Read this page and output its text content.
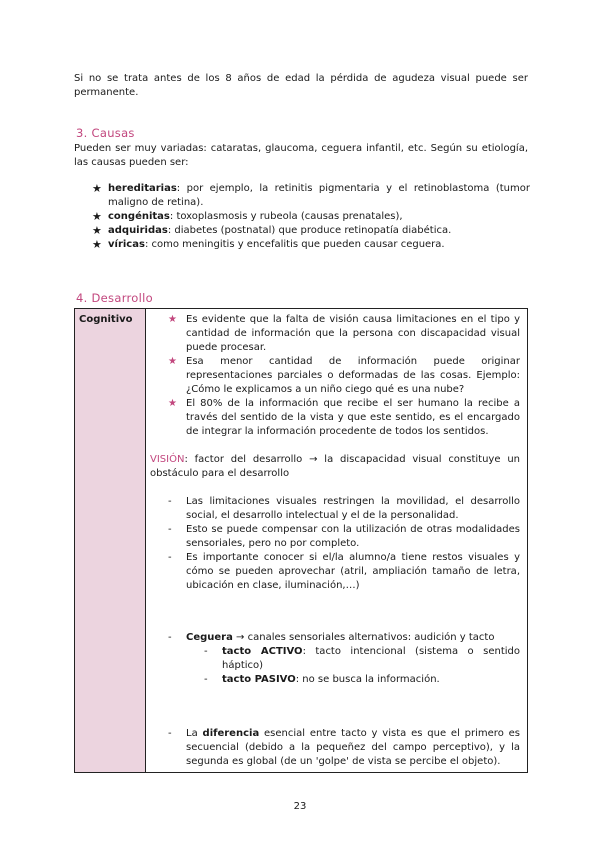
Si no se trata antes de los 8 años de edad la pérdida de agudeza visual puede ser permanente.
3. Causas
Pueden ser muy variadas: cataratas, glaucoma, ceguera infantil, etc. Según su etiología, las causas pueden ser:
★ hereditarias: por ejemplo, la retinitis pigmentaria y el retinoblastoma (tumor maligno de retina).
★ congénitas: toxoplasmosis y rubeola (causas prenatales),
★ adquiridas: diabetes (postnatal) que produce retinopatía diabética.
★ víricas: como meningitis y encefalitis que pueden causar ceguera.
4. Desarrollo
Cognitivo	★ Es evidente que la falta de visión causa limitaciones en el tipo y cantidad de información que la persona con discapacidad visual puede procesar.
★ Esa menor cantidad de información puede originar representaciones parciales o deformadas de las cosas. Ejemplo: ¿Cómo le explicamos a un niño ciego qué es una nube?
★ El 80% de la información que recibe el ser humano la recibe a través del sentido de la vista y que este sentido, es el encargado de integrar la información procedente de todos los sentidos.
VISIÓN: factor del desarrollo → la discapacidad visual constituye un obstáculo para el desarrollo
- Las limitaciones visuales restringen la movilidad, el desarrollo social, el desarrollo intelectual y el de la personalidad.
- Esto se puede compensar con la utilización de otras modalidades sensoriales, pero no por completo.
- Es importante conocer si el/la alumno/a tiene restos visuales y cómo se pueden aprovechar (atril, ampliación tamaño de letra, ubicación en clase, iluminación,…)
- Ceguera → canales sensoriales alternativos: audición y tacto
- tacto ACTIVO: tacto intencional (sistema o sentido háptico)
- tacto PASIVO: no se busca la información.
- La diferencia esencial entre tacto y vista es que el primero es secuencial (debido a la pequeñez del campo perceptivo), y la segunda es global (de un 'golpe' de vista se percibe el objeto).
23
